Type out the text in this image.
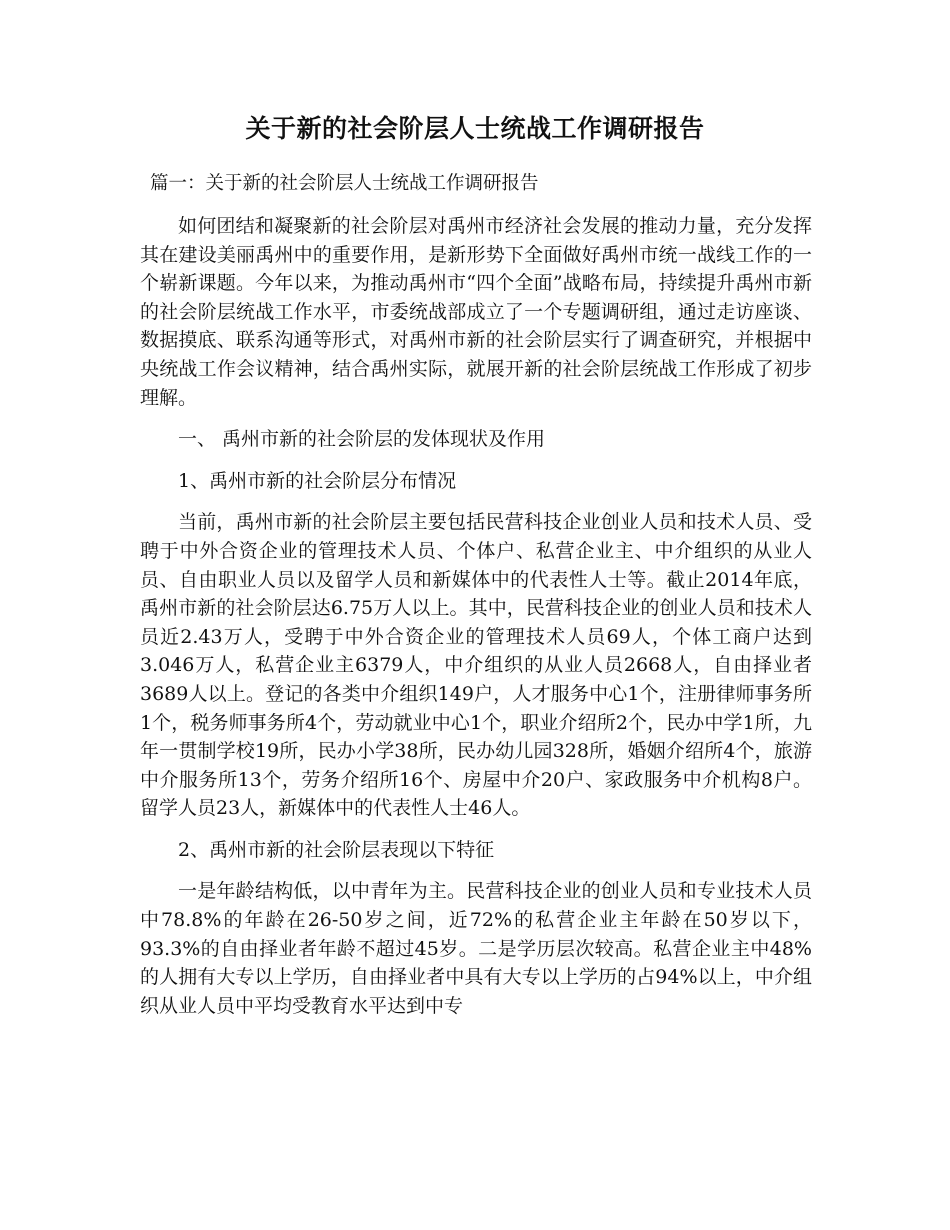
关于新的社会阶层人士统战工作调研报告

篇一：关于新的社会阶层人士统战工作调研报告

如何团结和凝聚新的社会阶层对禹州市经济社会发展的推动力量，充分发挥其在建设美丽禹州中的重要作用，是新形势下全面做好禹州市统一战线工作的一个崭新课题。今年以来，为推动禹州市“四个全面”战略布局，持续提升禹州市新的社会阶层统战工作水平，市委统战部成立了一个专题调研组，通过走访座谈、数据摸底、联系沟通等形式，对禹州市新的社会阶层实行了调查研究，并根据中央统战工作会议精神，结合禹州实际，就展开新的社会阶层统战工作形成了初步理解。

一、 禹州市新的社会阶层的发体现状及作用

1、禹州市新的社会阶层分布情况

当前，禹州市新的社会阶层主要包括民营科技企业创业人员和技术人员、受聘于中外合资企业的管理技术人员、个体户、私营企业主、中介组织的从业人员、自由职业人员以及留学人员和新媒体中的代表性人士等。截止2014年底，禹州市新的社会阶层达6.75万人以上。其中，民营科技企业的创业人员和技术人员近2.43万人，受聘于中外合资企业的管理技术人员69人，个体工商户达到3.046万人，私营企业主6379人，中介组织的从业人员2668人，自由择业者3689人以上。登记的各类中介组织149户，人才服务中心1个，注册律师事务所1个，税务师事务所4个，劳动就业中心1个，职业介绍所2个，民办中学1所，九年一贯制学校19所，民办小学38所，民办幼儿园328所，婚姻介绍所4个，旅游中介服务所13个，劳务介绍所16个、房屋中介20户、家政服务中介机构8户。留学人员23人，新媒体中的代表性人士46人。

2、禹州市新的社会阶层表现以下特征

一是年龄结构低，以中青年为主。民营科技企业的创业人员和专业技术人员中78.8%的年龄在26-50岁之间，近72%的私营企业主年龄在50岁以下，93.3%的自由择业者年龄不超过45岁。二是学历层次较高。私营企业主中48%的人拥有大专以上学历，自由择业者中具有大专以上学历的占94%以上，中介组织从业人员中平均受教育水平达到中专
